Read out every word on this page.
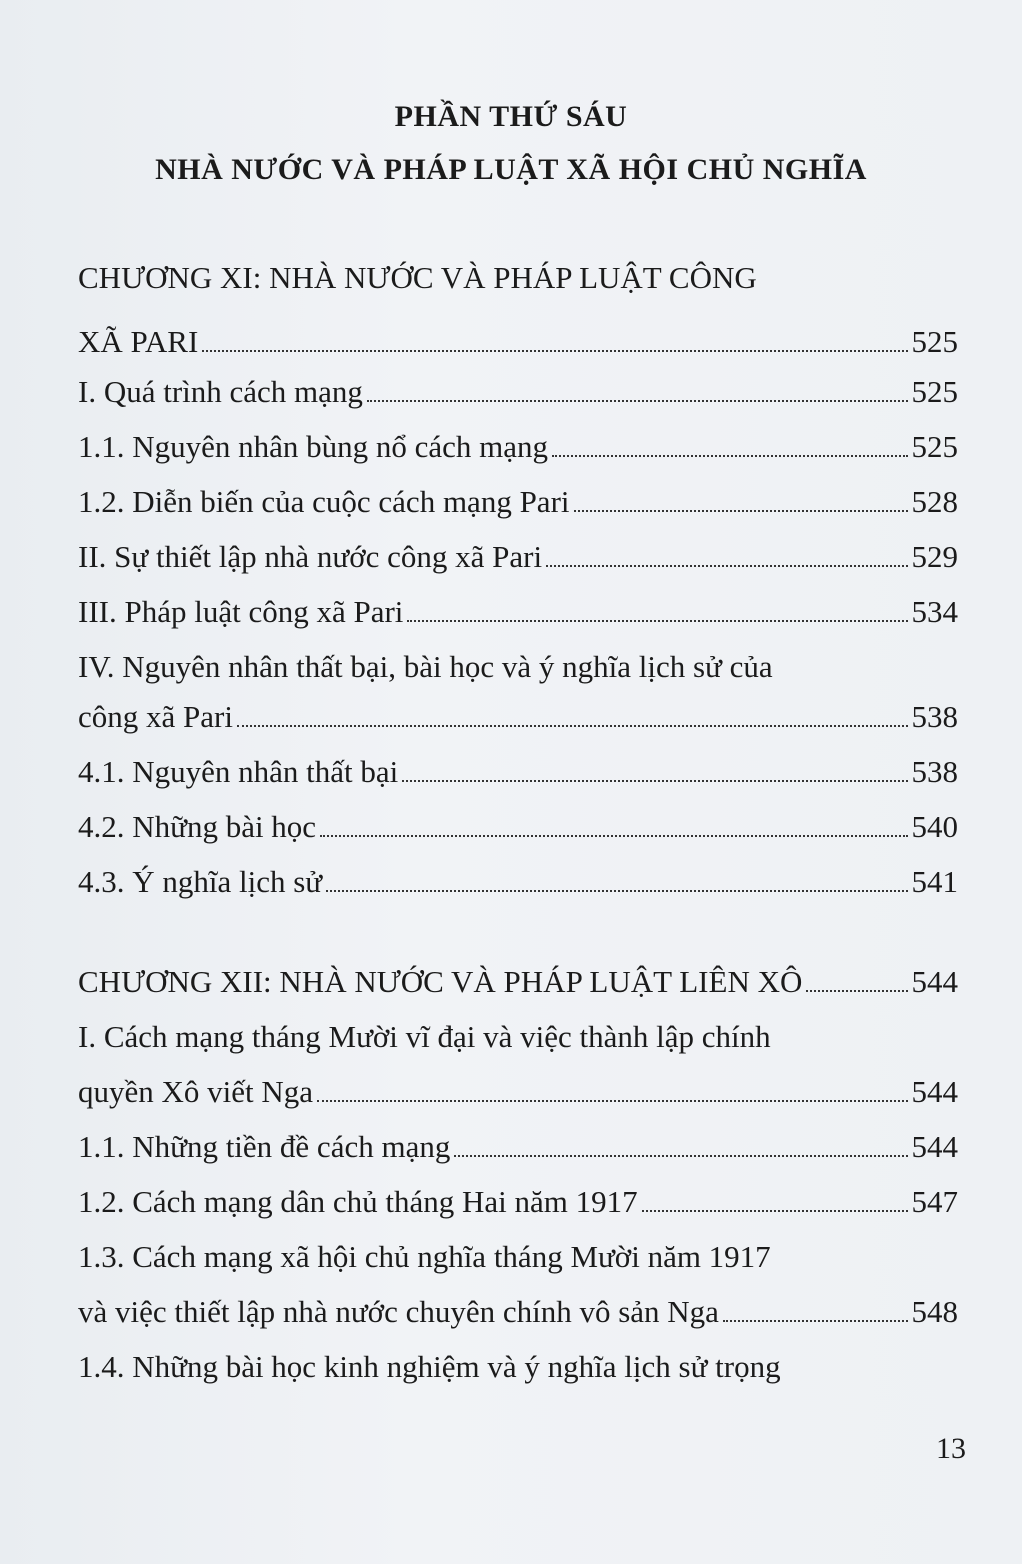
PHẦN THỨ SÁU
NHÀ NƯỚC VÀ PHÁP LUẬT XÃ HỘI CHỦ NGHĨA
CHƯƠNG XI: NHÀ NƯỚC VÀ PHÁP LUẬT CÔNG
XÃ PARI	525
I. Quá trình cách mạng	525
1.1. Nguyên nhân bùng nổ cách mạng	525
1.2. Diễn biến của cuộc cách mạng Pari	528
II. Sự thiết lập nhà nước công xã Pari	529
III. Pháp luật công xã Pari	534
IV. Nguyên nhân thất bại, bài học và ý nghĩa lịch sử của
công xã Pari	538
4.1. Nguyên nhân thất bại	538
4.2. Những bài học	540
4.3. Ý nghĩa lịch sử	541
CHƯƠNG XII: NHÀ NƯỚC VÀ PHÁP LUẬT LIÊN XÔ	544
I. Cách mạng tháng Mười vĩ đại và việc thành lập chính
quyền Xô viết Nga	544
1.1. Những tiền đề cách mạng	544
1.2. Cách mạng dân chủ tháng Hai năm 1917	547
1.3. Cách mạng xã hội chủ nghĩa tháng Mười năm 1917
và việc thiết lập nhà nước chuyên chính vô sản Nga	548
1.4. Những bài học kinh nghiệm và ý nghĩa lịch sử trọng
13
